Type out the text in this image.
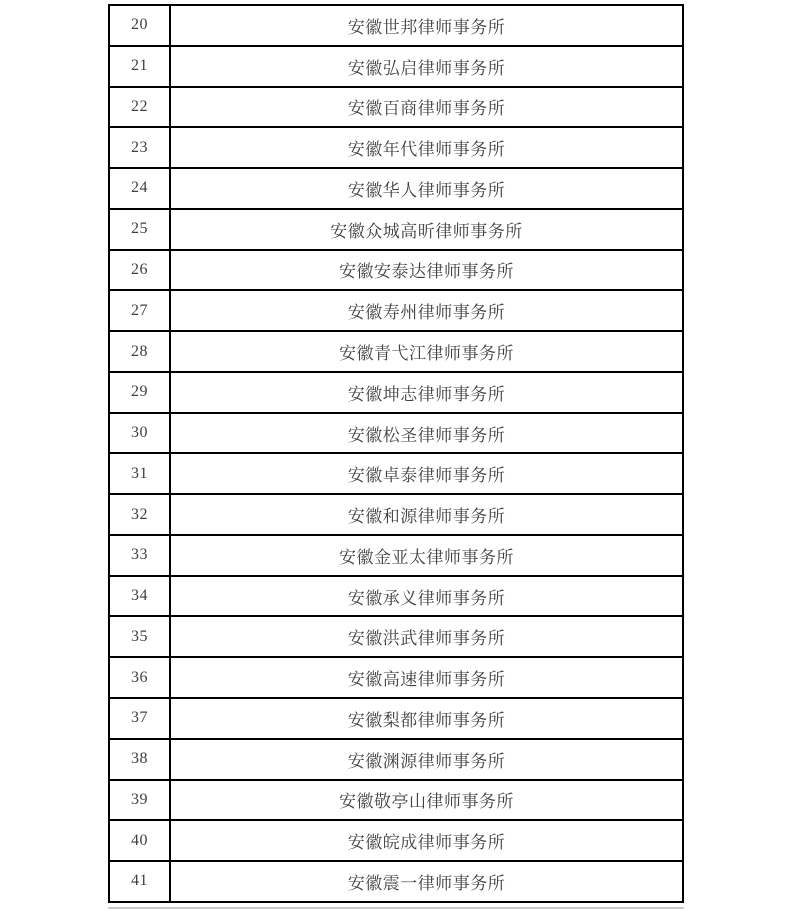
20	安徽世邦律师事务所
21	安徽弘启律师事务所
22	安徽百商律师事务所
23	安徽年代律师事务所
24	安徽华人律师事务所
25	安徽众城高昕律师事务所
26	安徽安泰达律师事务所
27	安徽寿州律师事务所
28	安徽青弋江律师事务所
29	安徽坤志律师事务所
30	安徽松圣律师事务所
31	安徽卓泰律师事务所
32	安徽和源律师事务所
33	安徽金亚太律师事务所
34	安徽承义律师事务所
35	安徽洪武律师事务所
36	安徽高速律师事务所
37	安徽梨都律师事务所
38	安徽渊源律师事务所
39	安徽敬亭山律师事务所
40	安徽皖成律师事务所
41	安徽震一律师事务所
